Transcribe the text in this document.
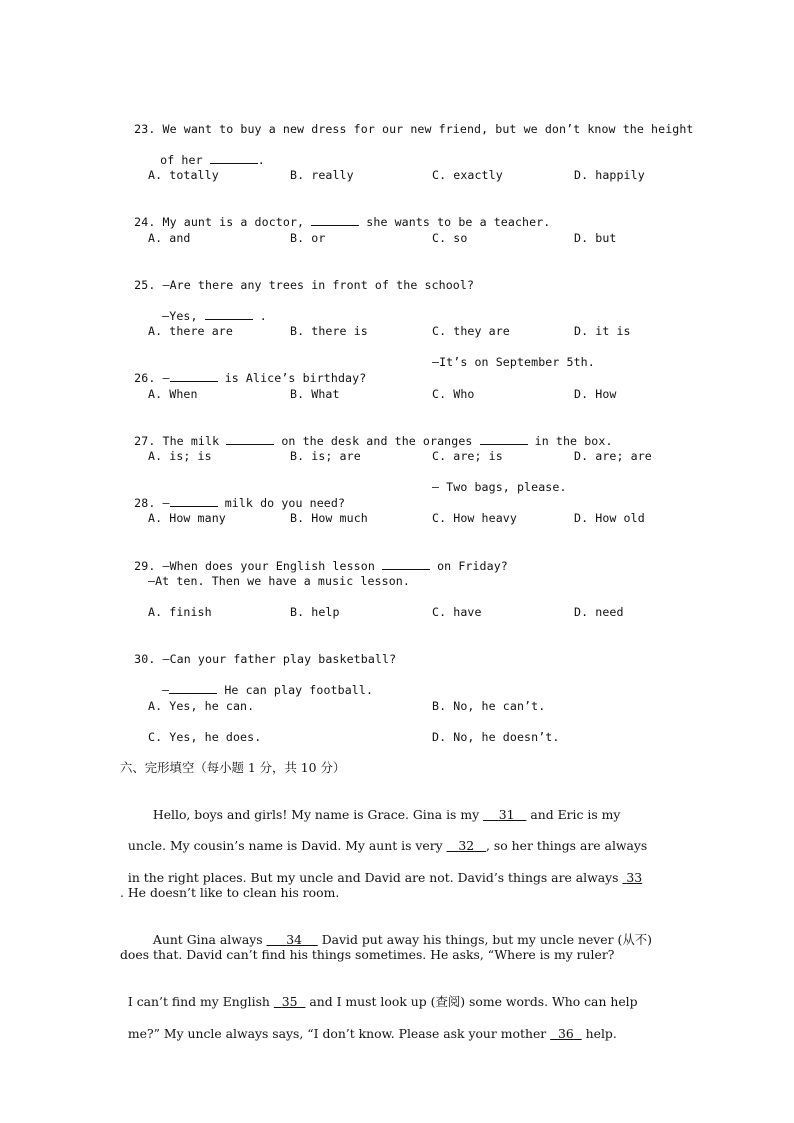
23. We want to buy a new dress for our new friend, but we don’t know the height

of her	.

A. totally	B. really	C. exactly	D. happily

24. My aunt is a doctor,	she wants to be a teacher.

A. and	B. or	C. so	D. but

25. —Are there any trees in front of the school?

—Yes,	.

A. there are	B. there is	C. they are	D. it is

26. —	is Alice’s birthday?

—It’s on September 5th.
A. When	B. What	C. Who	D. How

27. The milk	on the desk and the oranges	in the box.

A. is; is	B. is; are	C. are; is	D. are; are

28. —	milk do you need?

— Two bags, please.
A. How many	B. How much	C. How heavy	D. How old

29. —When does your English lesson	on Friday?

—At ten. Then we have a music lesson.
A. finish	B. help	C. have	D. need

30. —Can your father play basketball?

—	He can play football.

A. Yes, he can.	B. No, he can’t.
C. Yes, he does.	D. No, he doesn’t.
六、完形填空（每小题 1 分，共 10 分）

Hello, boys and girls! My name is Grace. Gina is my     31    and Eric is my

uncle. My cousin’s name is David. My aunt is very    32 , so her things are always

in the right places. But my uncle and David are not. David’s things are always  33

. He doesn’t like to clean his room.

Aunt Gina always      34     David put away his things, but my uncle never (从不)

does that. David can’t find his things sometimes. He asks, “Where is my ruler?

I can’t find my English   35   and I must look up (查阅) some words. Who can help

me?” My uncle always says, “I don’t know. Please ask your mother   36   help.
